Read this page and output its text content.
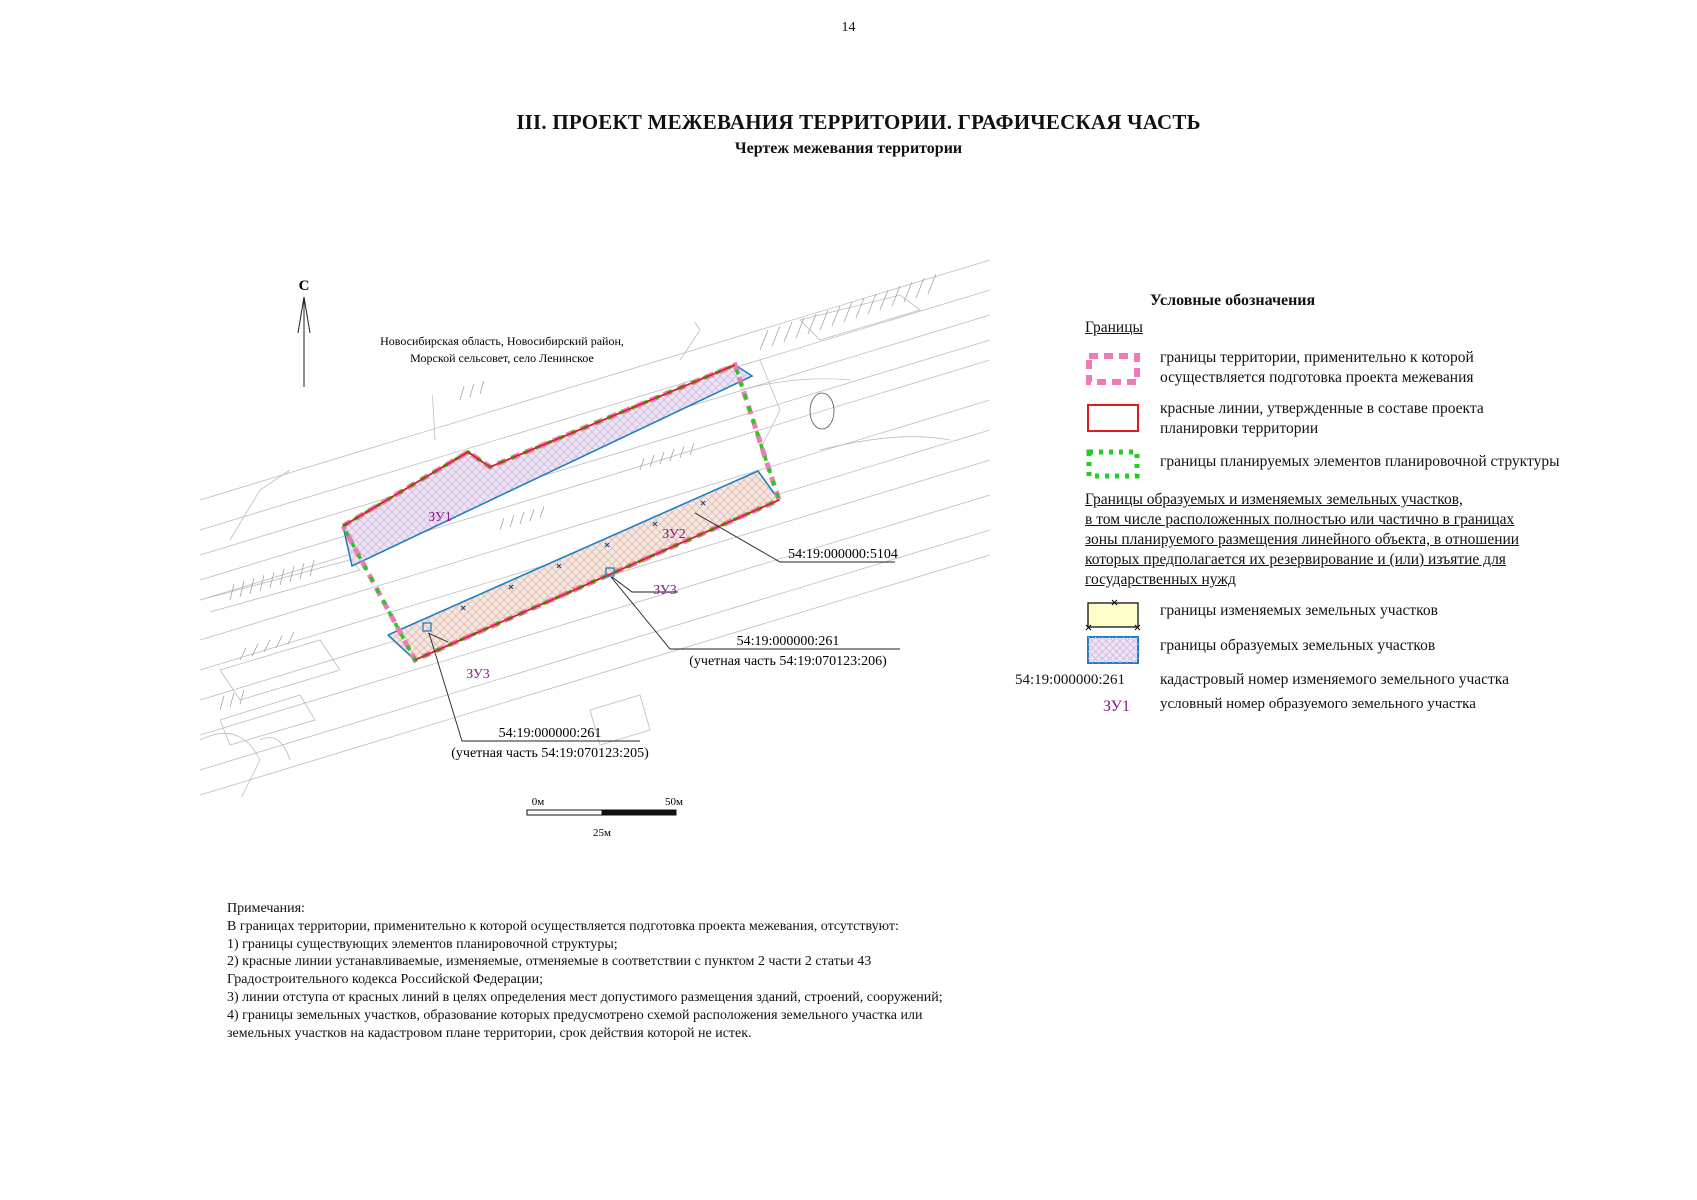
14
III. ПРОЕКТ МЕЖЕВАНИЯ ТЕРРИТОРИИ. ГРАФИЧЕСКАЯ ЧАСТЬ
Чертеж межевания территории
С
Новосибирская область, Новосибирский район,
Морской сельсовет, село Ленинское
ЗУ1
ЗУ2
ЗУ3
ЗУ3
54:19:000000:5104
54:19:000000:261
(учетная часть 54:19:070123:206)
54:19:000000:261
(учетная часть 54:19:070123:205)
0м	50м
25м
Условные обозначения
Границы
границы территории, применительно к которой
осуществляется подготовка проекта межевания
красные линии, утвержденные в составе проекта
планировки территории
границы планируемых элементов планировочной структуры
Границы образуемых и изменяемых земельных участков,
в том числе расположенных полностью или частично в границах
зоны планируемого размещения линейного объекта, в отношении
которых предполагается их резервирование и (или) изъятие для
государственных нужд
границы изменяемых земельных участков
границы образуемых земельных участков
54:19:000000:261 кадастровый номер изменяемого земельного участка
ЗУ1 условный номер образуемого земельного участка
Примечания:
В границах территории, применительно к которой осуществляется подготовка проекта межевания, отсутствуют:
1) границы существующих элементов планировочной структуры;
2) красные линии устанавливаемые, изменяемые, отменяемые в соответствии с пунктом 2 части 2 статьи 43
Градостроительного кодекса Российской Федерации;
3) линии отступа от красных линий в целях определения мест допустимого размещения зданий, строений, сооружений;
4) границы земельных участков, образование которых предусмотрено схемой расположения земельного участка или
земельных участков на кадастровом плане территории, срок действия которой не истек.
